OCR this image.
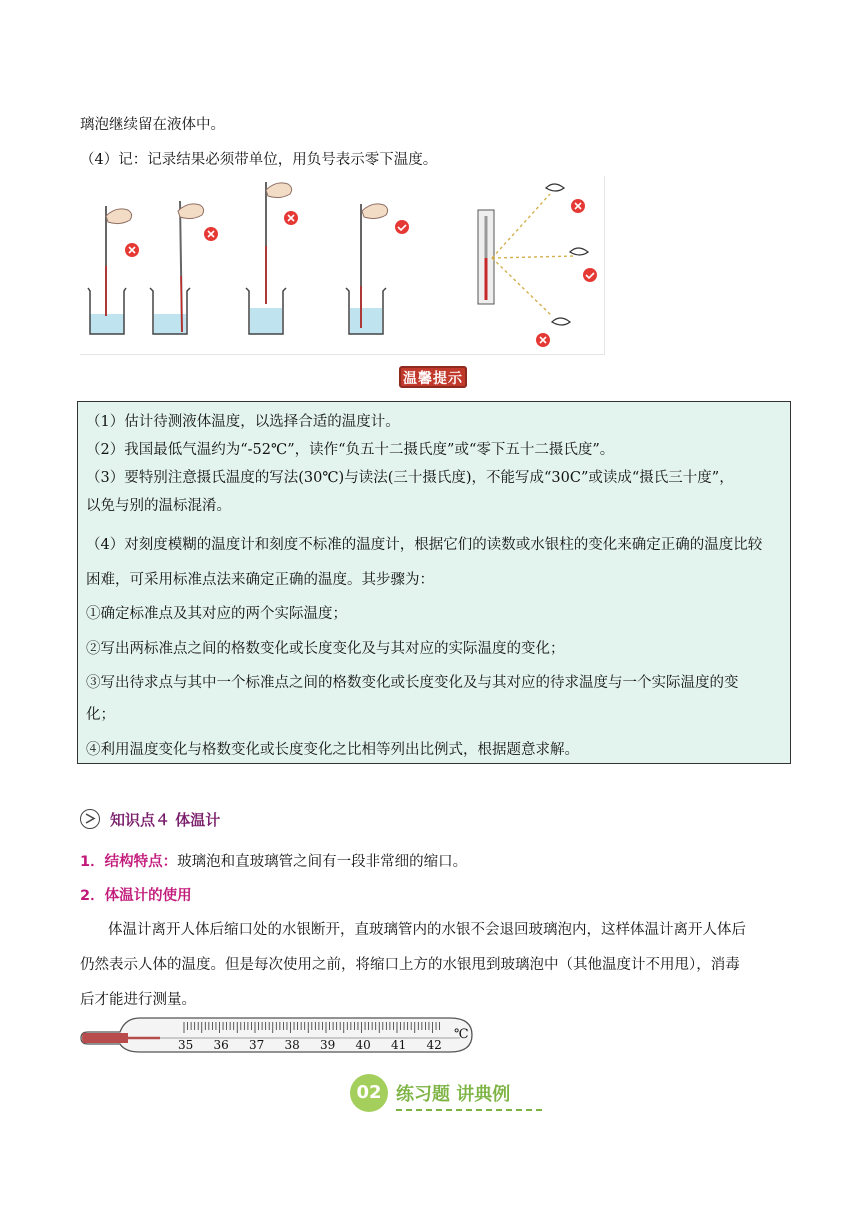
璃泡继续留在液体中。
（4）记：记录结果必须带单位，用负号表示零下温度。
温馨提示
（1）估计待测液体温度，以选择合适的温度计。
（2）我国最低气温约为“-52℃”，读作“负五十二摄氏度”或“零下五十二摄氏度”。
（3）要特别注意摄氏温度的写法(30℃)与读法(三十摄氏度)，不能写成“30C”或读成“摄氏三十度”，
以免与别的温标混淆。
（4）对刻度模糊的温度计和刻度不标准的温度计，根据它们的读数或水银柱的变化来确定正确的温度比较
困难，可采用标准点法来确定正确的温度。其步骤为：
①确定标准点及其对应的两个实际温度；
②写出两标准点之间的格数变化或长度变化及与其对应的实际温度的变化；
③写出待求点与其中一个标准点之间的格数变化或长度变化及与其对应的待求温度与一个实际温度的变
化；
④利用温度变化与格数变化或长度变化之比相等列出比例式，根据题意求解。
知识点４ 体温计
1．结构特点：玻璃泡和直玻璃管之间有一段非常细的缩口。
2．体温计的使用
体温计离开人体后缩口处的水银断开，直玻璃管内的水银不会退回玻璃泡内，这样体温计离开人体后
仍然表示人体的温度。但是每次使用之前，将缩口上方的水银甩到玻璃泡中（其他温度计不用甩），消毒
后才能进行测量。
35 36 37 38 39 40 41 42
℃
02 练习题 讲典例
